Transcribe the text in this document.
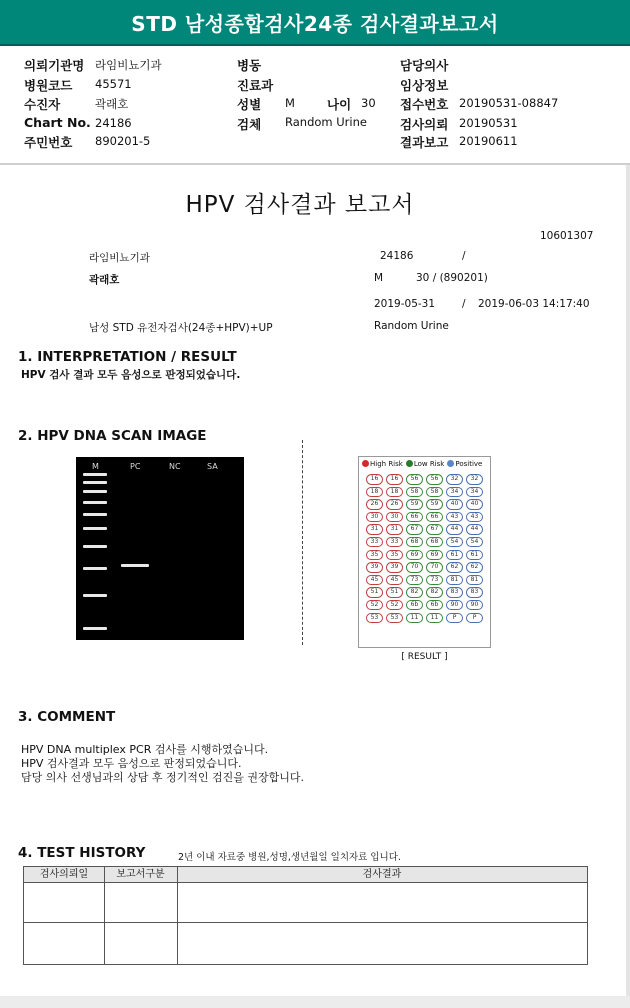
STD 남성종합검사24종 검사결과보고서
의뢰기관명 라임비뇨기과
병원코드 45571
수진자	곽래호
Chart No. 24186
주민번호 890201-5
병동
진료과
성별 M	나이 30
검체 Random Urine
담당의사
임상정보
접수번호 20190531-08847
검사의뢰 20190531
결과보고 20190611
HPV 검사결과 보고서
10601307
라임비뇨기과	24186	/
곽래호	M	30 / (890201)
2019-05-31	/ 2019-06-03 14:17:40
남성 STD 유전자검사(24종+HPV)+UP	Random Urine
1. INTERPRETATION / RESULT
HPV 검사 결과 모두 음성으로 판정되었습니다.
2. HPV DNA SCAN IMAGE
M	PC	NC	SA	High Risk	Low Risk	Positive
16	16	56	56	32	32
18	18	58	58	34	34
26	26	59	59	40	40
30	30	66	66	43	43
31	31	67	67	44	44
33	33	68	68	54	54
35	35	69	69	61	61
39	39	70	70	62	62
45	45	73	73	81	81
51	51	82	82	83	83
52	52	6b	6b	90	90
53	53	11	11	P	P
[ RESULT ]
3. COMMENT
HPV DNA multiplex PCR 검사를 시행하였습니다.
HPV 검사결과 모두 음성으로 판정되었습니다.
담당 의사 선생님과의 상담 후 정기적인 검진을 권장합니다.
4. TEST HISTORY	2년 이내 자료중 병원,성명,생년월일 일치자료 입니다.
검사의뢰일	보고서구분	검사결과
